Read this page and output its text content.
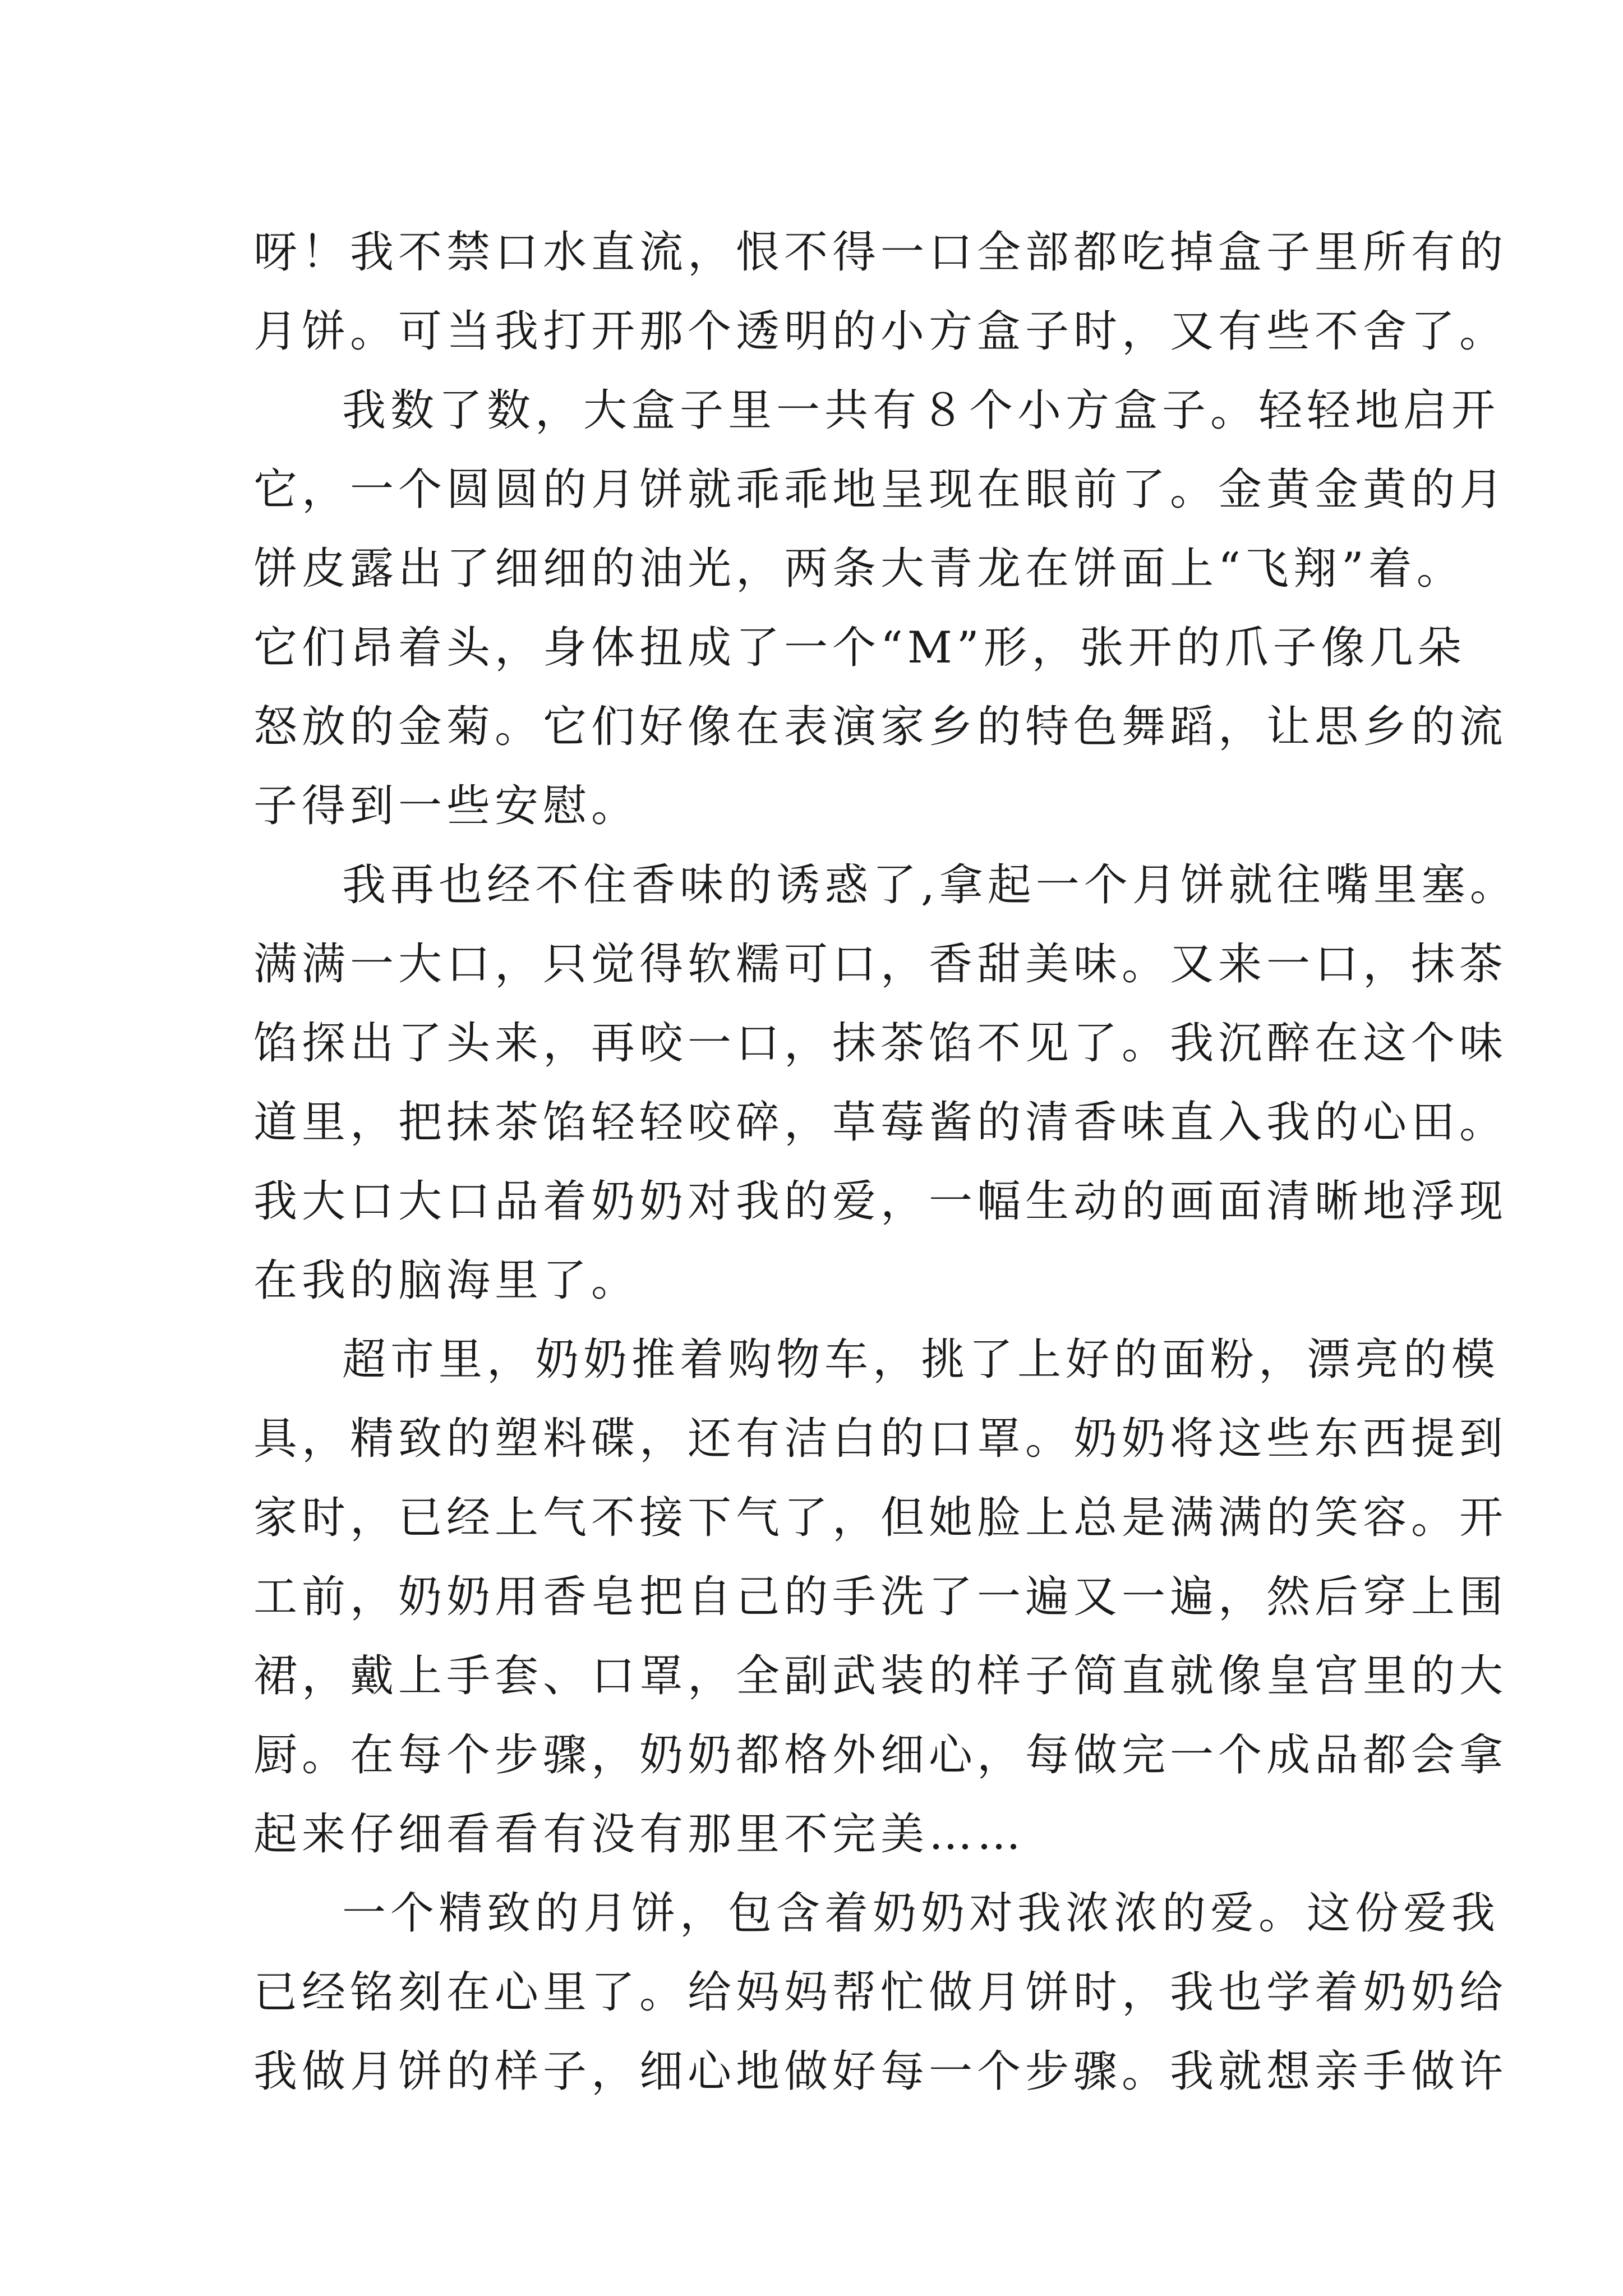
呀！我不禁口水直流，恨不得一口全部都吃掉盒子里所有的
月饼。可当我打开那个透明的小方盒子时，又有些不舍了。
我数了数，大盒子里一共有８个小方盒子。轻轻地启开
它，一个圆圆的月饼就乖乖地呈现在眼前了。金黄金黄的月
饼皮露出了细细的油光，两条大青龙在饼面上“飞翔”着。
它们昂着头，身体扭成了一个“M”形，张开的爪子像几朵
怒放的金菊。它们好像在表演家乡的特色舞蹈，让思乡的流
子得到一些安慰。
我再也经不住香味的诱惑了,拿起一个月饼就往嘴里塞。
满满一大口，只觉得软糯可口，香甜美味。又来一口，抹茶
馅探出了头来，再咬一口，抹茶馅不见了。我沉醉在这个味
道里，把抹茶馅轻轻咬碎，草莓酱的清香味直入我的心田。
我大口大口品着奶奶对我的爱，一幅生动的画面清晰地浮现
在我的脑海里了。
超市里，奶奶推着购物车，挑了上好的面粉，漂亮的模
具，精致的塑料碟，还有洁白的口罩。奶奶将这些东西提到
家时，已经上气不接下气了，但她脸上总是满满的笑容。开
工前，奶奶用香皂把自己的手洗了一遍又一遍，然后穿上围
裙，戴上手套、口罩，全副武装的样子简直就像皇宫里的大
厨。在每个步骤，奶奶都格外细心，每做完一个成品都会拿
起来仔细看看有没有那里不完美……
一个精致的月饼，包含着奶奶对我浓浓的爱。这份爱我
已经铭刻在心里了。给妈妈帮忙做月饼时，我也学着奶奶给
我做月饼的样子，细心地做好每一个步骤。我就想亲手做许
